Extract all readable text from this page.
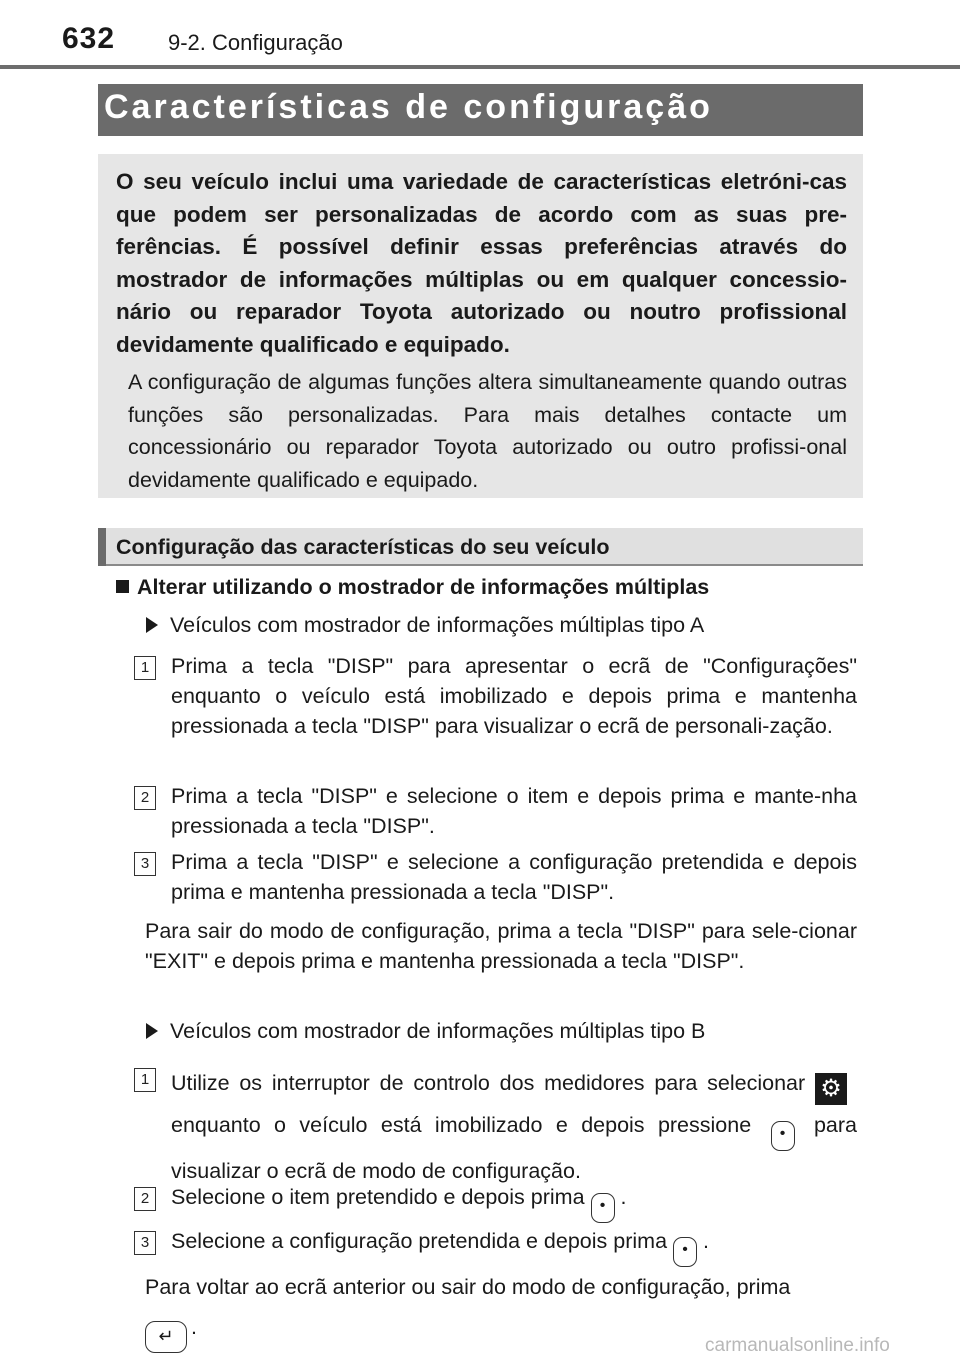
632 9-2. Configuração
Características de configuração
O seu veículo inclui uma variedade de características eletróni-cas que podem ser personalizadas de acordo com as suas pre-ferências. É possível definir essas preferências através do mostrador de informações múltiplas ou em qualquer concessio-nário ou reparador Toyota autorizado ou noutro profissional devidamente qualificado e equipado.
A configuração de algumas funções altera simultaneamente quando outras funções são personalizadas. Para mais detalhes contacte um concessionário ou reparador Toyota autorizado ou outro profissi-onal devidamente qualificado e equipado.
Configuração das características do seu veículo
Alterar utilizando o mostrador de informações múltiplas
Veículos com mostrador de informações múltiplas tipo A
1	Prima a tecla "DISP" para apresentar o ecrã de "Configurações" enquanto o veículo está imobilizado e depois prima e mantenha pressionada a tecla "DISP" para visualizar o ecrã de personali-zação.
2	Prima a tecla "DISP" e selecione o item e depois prima e mante-nha pressionada a tecla "DISP".
3	Prima a tecla "DISP" e selecione a configuração pretendida e depois prima e mantenha pressionada a tecla "DISP".
Para sair do modo de configuração, prima a tecla "DISP" para sele-cionar "EXIT" e depois prima e mantenha pressionada a tecla "DISP".
Veículos com mostrador de informações múltiplas tipo B
1	Utilize os interruptor de controlo dos medidores para selecionar ⚙enquanto o veículo está imobilizado e depois pressione • para visualizar o ecrã de modo de configuração.
2	Selecione o item pretendido e depois prima • .
3	Selecione a configuração pretendida e depois prima • .
Para voltar ao ecrã anterior ou sair do modo de configuração, prima
↵ .
carmanualsonline.info
